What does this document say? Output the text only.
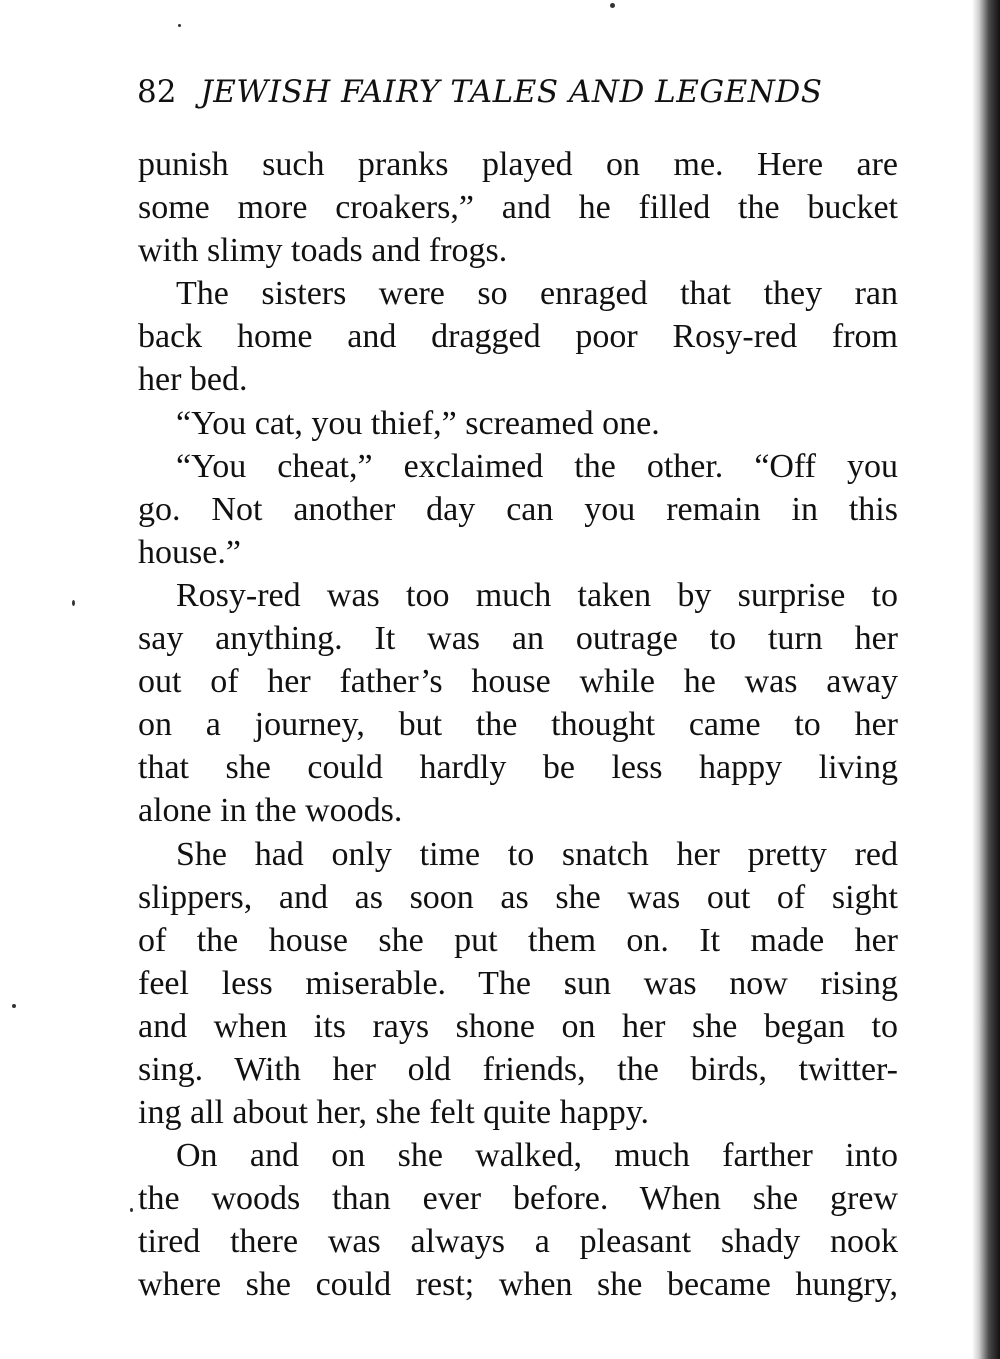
82 JEWISH FAIRY TALES AND LEGENDS
punish such pranks played on me. Here are
some more croakers,” and he filled the bucket
with slimy toads and frogs.
The sisters were so enraged that they ran
back home and dragged poor Rosy-red from
her bed.
“You cat, you thief,” screamed one.
“You cheat,” exclaimed the other. “Off you
go. Not another day can you remain in this
house.”
Rosy-red was too much taken by surprise to
say anything. It was an outrage to turn her
out of her father’s house while he was away
on a journey, but the thought came to her
that she could hardly be less happy living
alone in the woods.
She had only time to snatch her pretty red
slippers, and as soon as she was out of sight
of the house she put them on. It made her
feel less miserable. The sun was now rising
and when its rays shone on her she began to
sing. With her old friends, the birds, twitter-
ing all about her, she felt quite happy.
On and on she walked, much farther into
the woods than ever before. When she grew
tired there was always a pleasant shady nook
where she could rest; when she became hungry,
